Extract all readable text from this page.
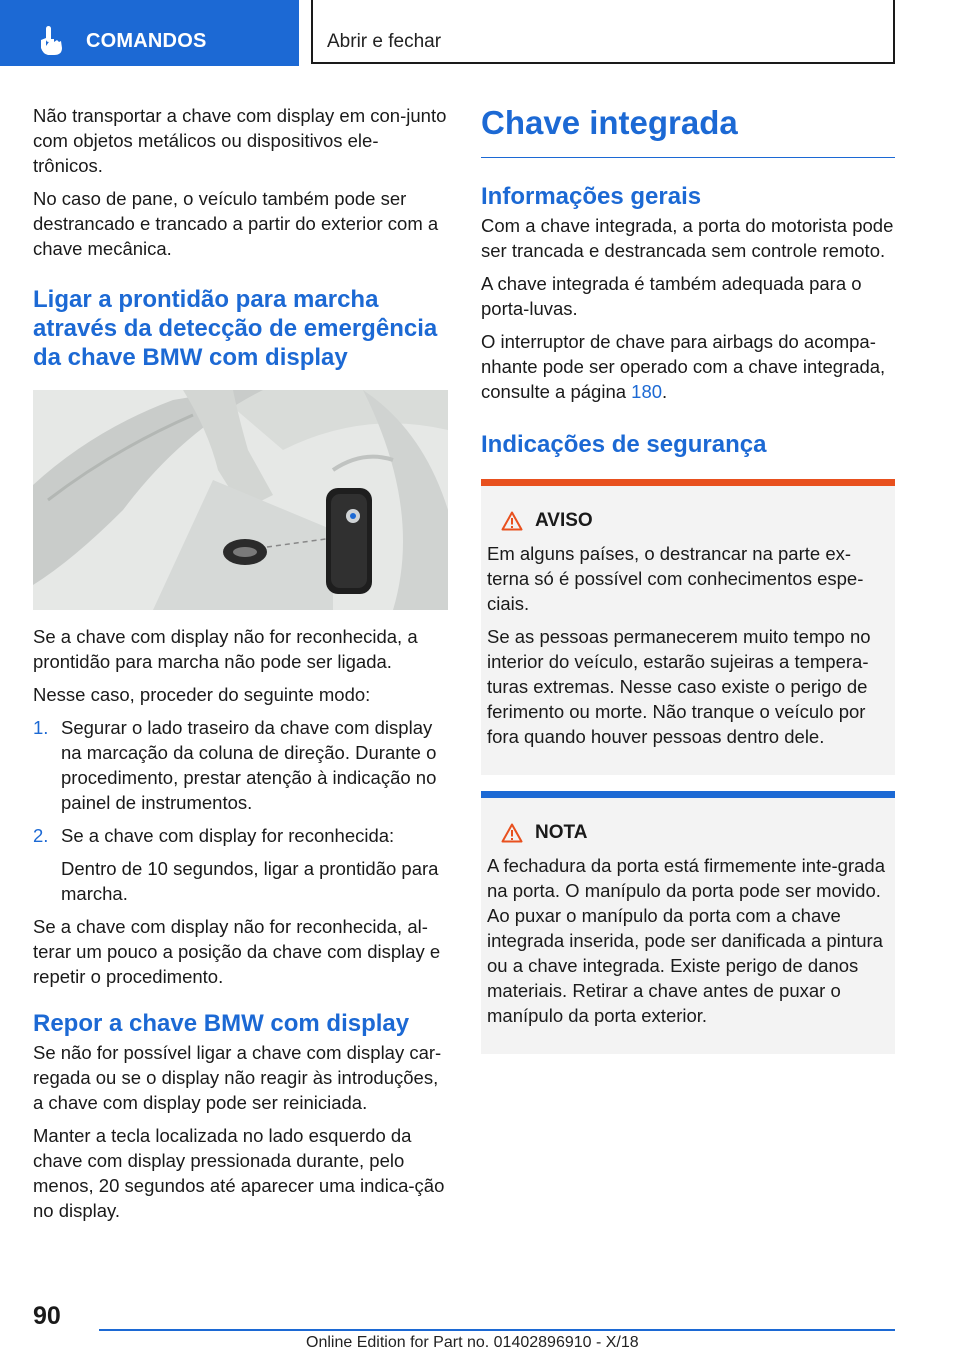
COMANDOS	Abrir e fechar

Não transportar a chave com display em con-junto com objetos metálicos ou dispositivos ele-trônicos.

No caso de pane, o veículo também pode ser destrancado e trancado a partir do exterior com a chave mecânica.

Ligar a prontidão para marcha através da detecção de emergência da chave BMW com display

Se a chave com display não for reconhecida, a prontidão para marcha não pode ser ligada.

Nesse caso, proceder do seguinte modo:

1. Segurar o lado traseiro da chave com display na marcação da coluna de direção. Durante o procedimento, prestar atenção à indicação no painel de instrumentos.
2. Se a chave com display for reconhecida:
Dentro de 10 segundos, ligar a prontidão para marcha.

Se a chave com display não for reconhecida, al-terar um pouco a posição da chave com display e repetir o procedimento.

Repor a chave BMW com display

Se não for possível ligar a chave com display car-regada ou se o display não reagir às introduções, a chave com display pode ser reiniciada.

Manter a tecla localizada no lado esquerdo da chave com display pressionada durante, pelo menos, 20 segundos até aparecer uma indica-ção no display.

Chave integrada
Informações gerais

Com a chave integrada, a porta do motorista pode ser trancada e destrancada sem controle remoto.

A chave integrada é também adequada para o porta-luvas.

O interruptor de chave para airbags do acompa-nhante pode ser operado com a chave integrada, consulte a página 180.

Indicações de segurança
AVISO

Em alguns países, o destrancar na parte ex-terna só é possível com conhecimentos espe-ciais.

Se as pessoas permanecerem muito tempo no interior do veículo, estarão sujeiras a tempera-turas extremas. Nesse caso existe o perigo de ferimento ou morte. Não tranque o veículo por fora quando houver pessoas dentro dele.

NOTA

A fechadura da porta está firmemente inte-grada na porta. O manípulo da porta pode ser movido. Ao puxar o manípulo da porta com a chave integrada inserida, pode ser danificada a pintura ou a chave integrada. Existe perigo de danos materiais. Retirar a chave antes de puxar o manípulo da porta exterior.

90
Online Edition for Part no. 01402896910 - X/18
